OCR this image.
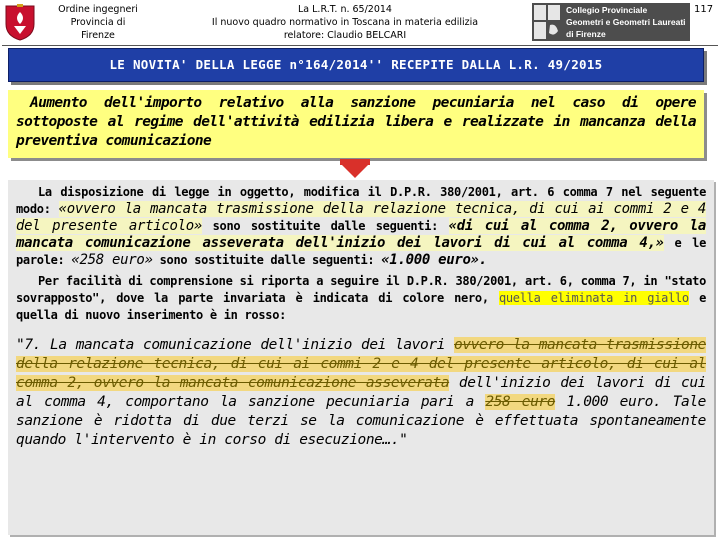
Ordine ingegneri
Provincia di
Firenze
La L.R.T. n. 65/2014
Il nuovo quadro normativo in Toscana in materia edilizia
relatore: Claudio BELCARI
Collegio Provinciale
Geometri e Geometri Laureati
di Firenze
117
LE NOVITA' DELLA LEGGE n°164/2014'' RECEPITE DALLA L.R. 49/2015

Aumento dell'importo relativo alla sanzione pecuniaria nel caso di opere sottoposte al regime dell'attività edilizia libera e realizzate in mancanza della preventiva comunicazione

La disposizione di legge in oggetto, modifica il D.P.R. 380/2001, art. 6 comma 7 nel seguente modo: «ovvero la mancata trasmissione della relazione tecnica, di cui ai commi 2 e 4 del presente articolo» sono sostituite dalle seguenti: «di cui al comma 2, ovvero la mancata comunicazione asseverata dell'inizio dei lavori di cui al comma 4,» e le parole: «258 euro» sono sostituite dalle seguenti: «1.000 euro».

Per facilità di comprensione si riporta a seguire il D.P.R. 380/2001, art. 6, comma 7, in "stato sovrapposto", dove la parte invariata è indicata di colore nero, quella eliminata in giallo e quella di nuovo inserimento è in rosso:

"7. La mancata comunicazione dell'inizio dei lavori ovvero la mancata trasmissione della relazione tecnica, di cui ai commi 2 e 4 del presente articolo, di cui al comma 2, ovvero la mancata comunicazione asseverata dell'inizio dei lavori di cui al comma 4, comportano la sanzione pecuniaria pari a 258 euro 1.000 euro. Tale sanzione è ridotta di due terzi se la comunicazione è effettuata spontaneamente quando l'intervento è in corso di esecuzione…."
